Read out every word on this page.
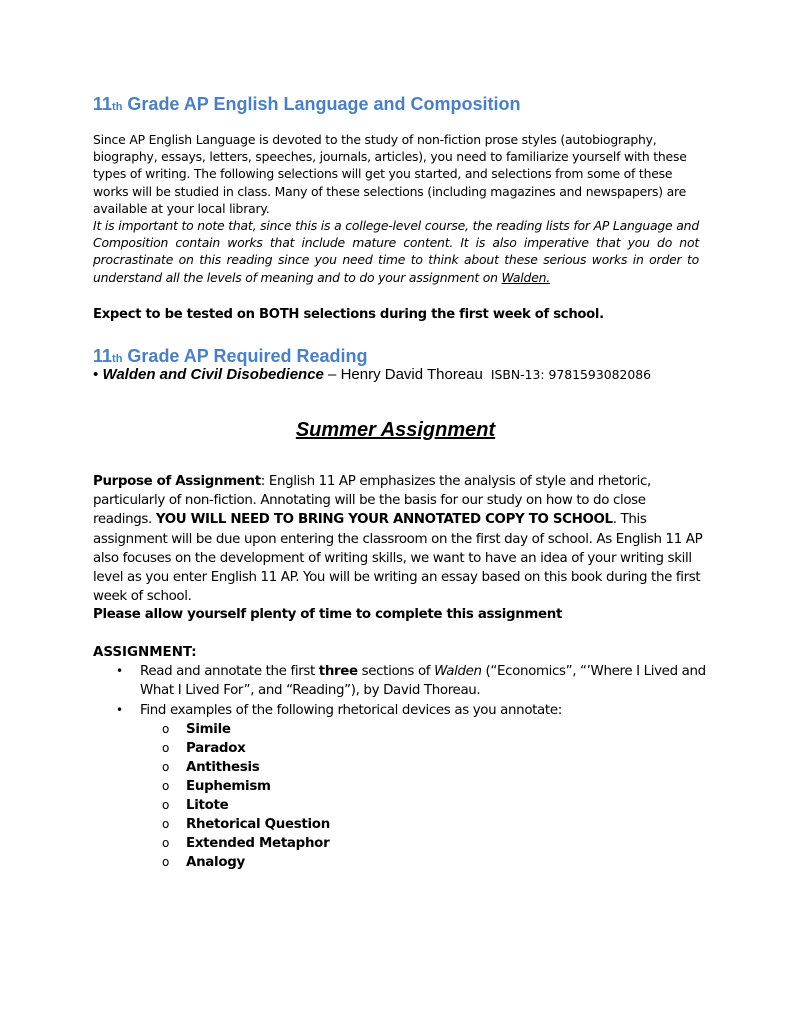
11th Grade AP English Language and Composition
Since AP English Language is devoted to the study of non-fiction prose styles (autobiography, biography, essays, letters, speeches, journals, articles), you need to familiarize yourself with these types of writing. The following selections will get you started, and selections from some of these works will be studied in class. Many of these selections (including magazines and newspapers) are available at your local library.
It is important to note that, since this is a college-level course, the reading lists for AP Language and Composition contain works that include mature content. It is also imperative that you do not procrastinate on this reading since you need time to think about these serious works in order to understand all the levels of meaning and to do your assignment on Walden.
Expect to be tested on BOTH selections during the first week of school.
11th Grade AP Required Reading
• Walden and Civil Disobedience – Henry David Thoreau ISBN-13: 9781593082086
Summer Assignment
Purpose of Assignment: English 11 AP emphasizes the analysis of style and rhetoric, particularly of non-fiction. Annotating will be the basis for our study on how to do close readings. YOU WILL NEED TO BRING YOUR ANNOTATED COPY TO SCHOOL. This assignment will be due upon entering the classroom on the first day of school. As English 11 AP also focuses on the development of writing skills, we want to have an idea of your writing skill level as you enter English 11 AP. You will be writing an essay based on this book during the first week of school.
Please allow yourself plenty of time to complete this assignment
ASSIGNMENT:
• Read and annotate the first three sections of Walden (“Economics”, “’Where I Lived and What I Lived For”, and “Reading”), by David Thoreau.
• Find examples of the following rhetorical devices as you annotate:
o Simile
o Paradox
o Antithesis
o Euphemism
o Litote
o Rhetorical Question
o Extended Metaphor
o Analogy
